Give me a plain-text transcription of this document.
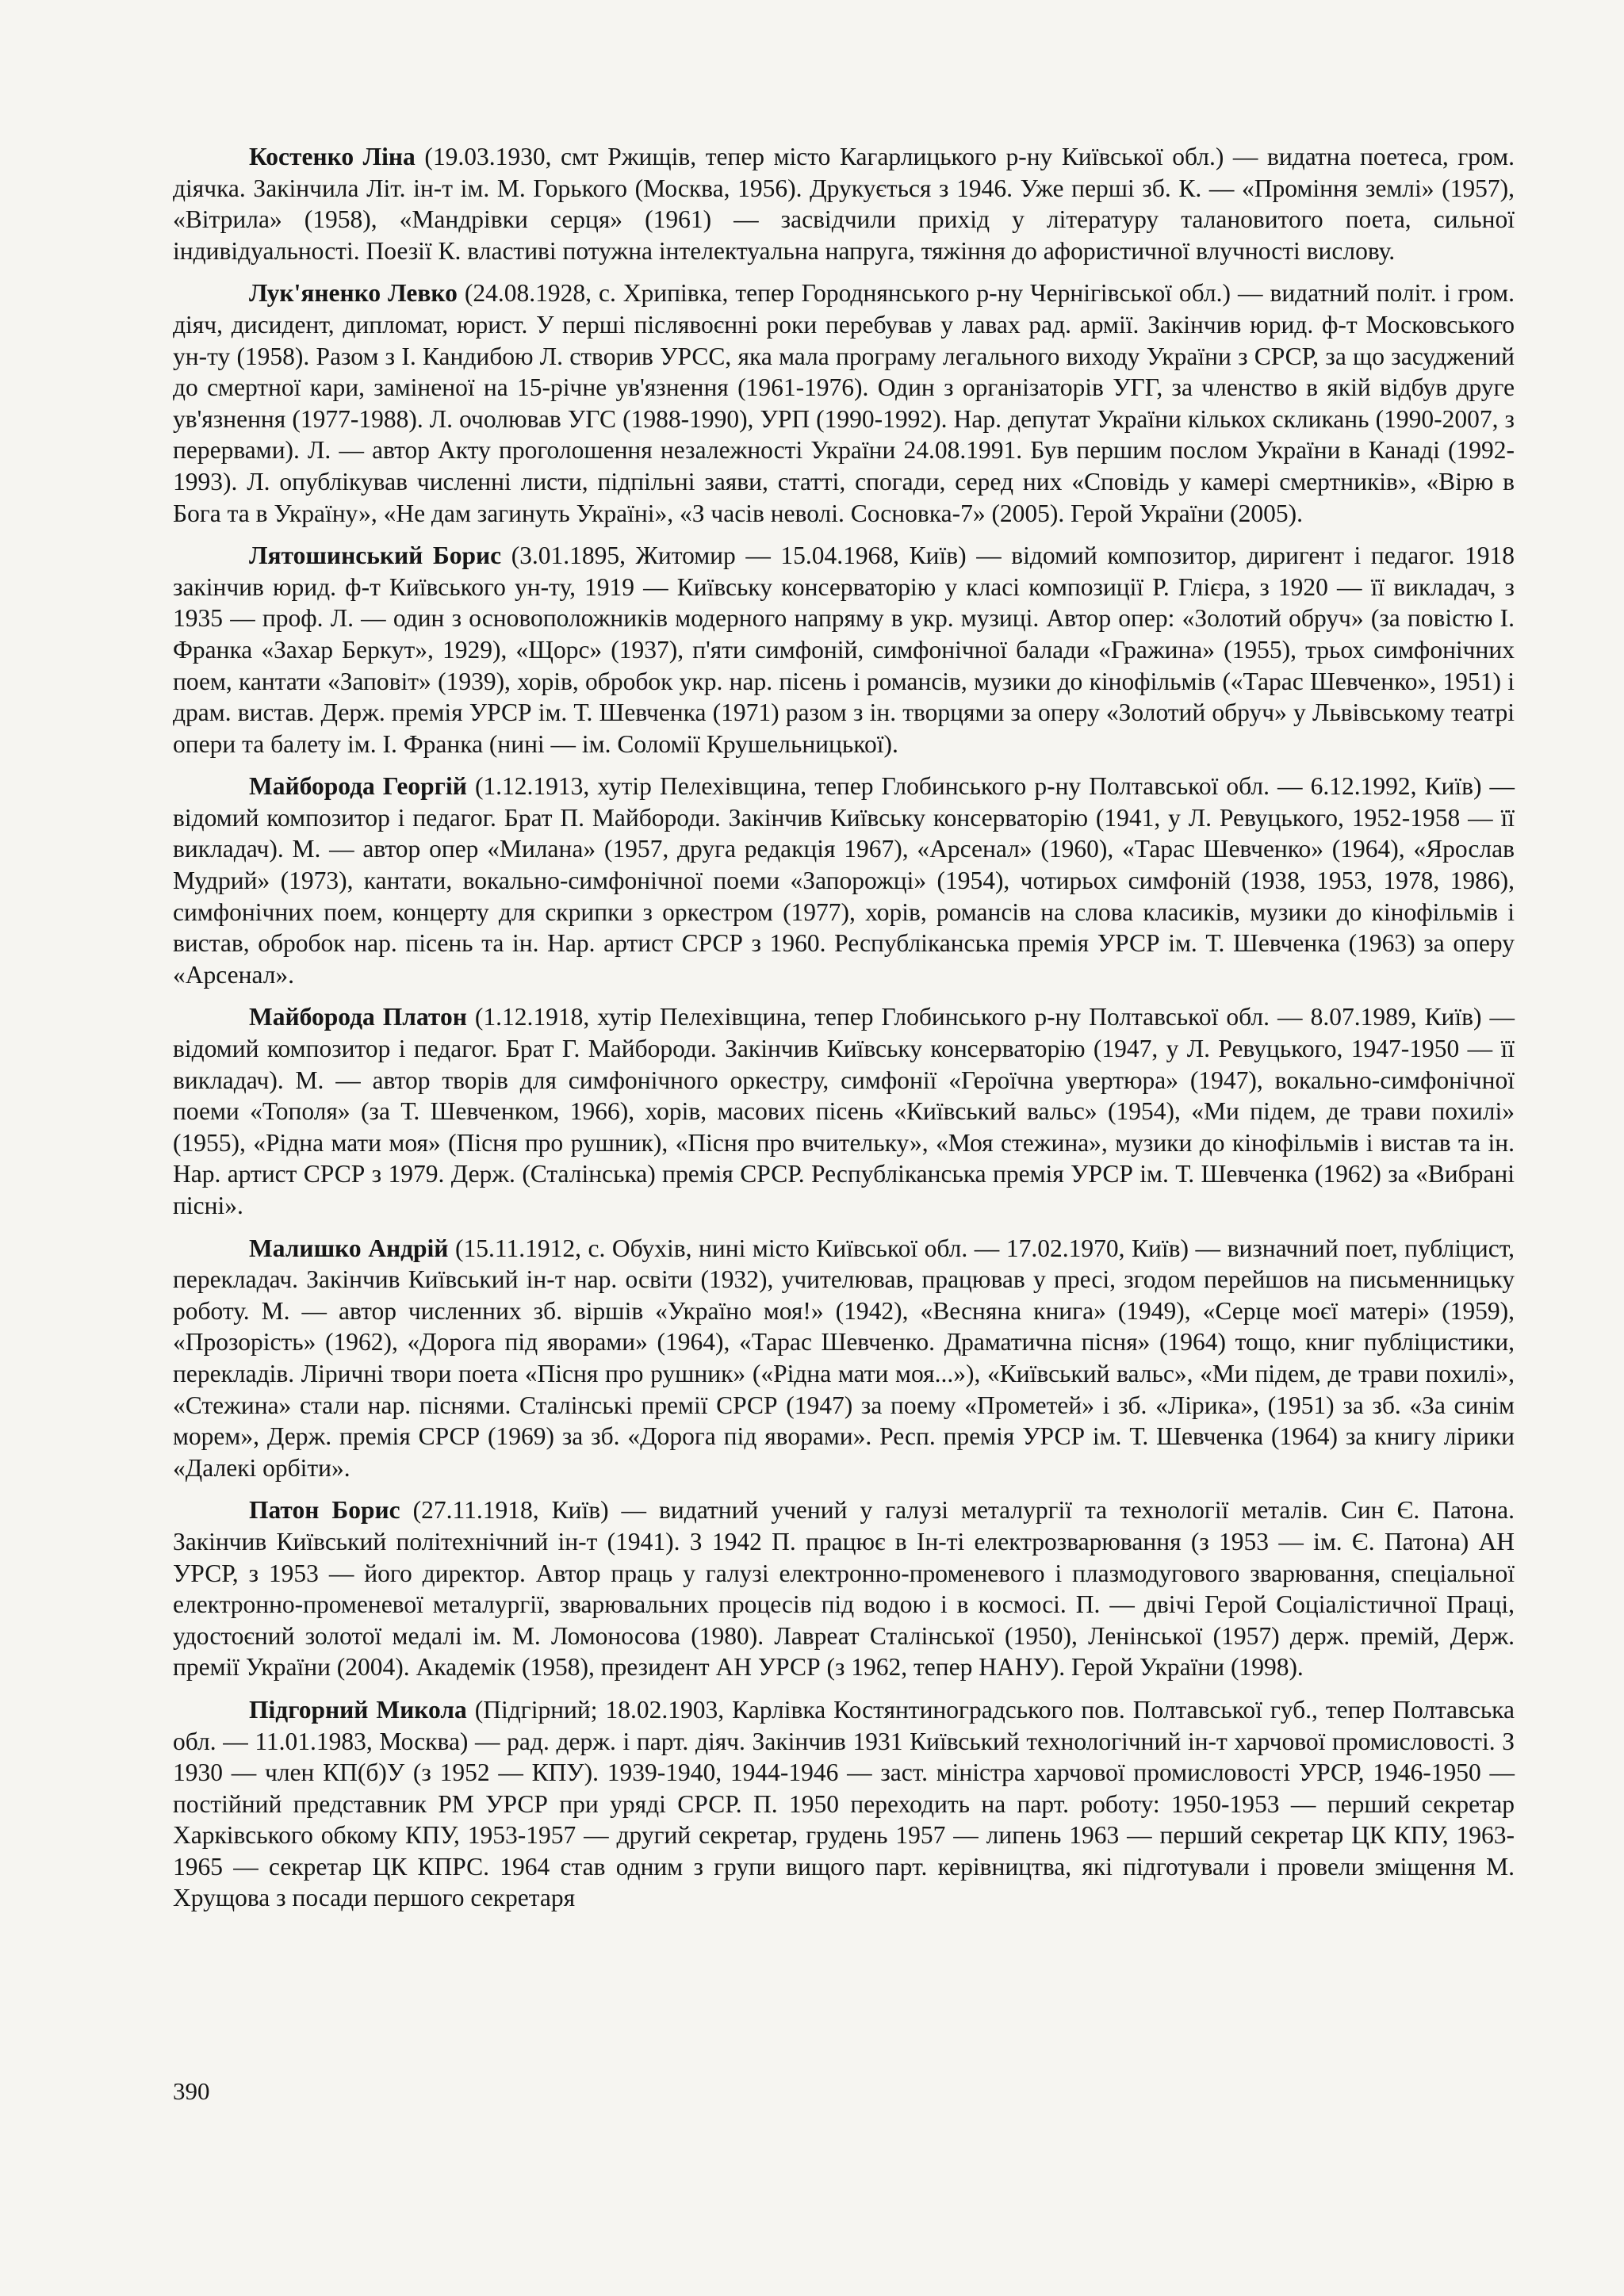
Костенко Ліна (19.03.1930, смт Ржищів, тепер місто Кагарлицького р-ну Київської обл.) — видатна поетеса, гром. діячка. Закінчила Літ. ін-т ім. М. Горького (Москва, 1956). Друкується з 1946. Уже перші зб. К. — «Проміння землі» (1957), «Вітрила» (1958), «Мандрівки серця» (1961) — засвідчили прихід у літературу талановитого поета, сильної індивідуальності. Поезії К. властиві потужна інтелектуальна напруга, тяжіння до афористичної влучності вислову.

Лук'яненко Левко (24.08.1928, с. Хрипівка, тепер Городнянського р-ну Чернігівської обл.) — видатний політ. і гром. діяч, дисидент, дипломат, юрист. У перші післявоєнні роки перебував у лавах рад. армії. Закінчив юрид. ф-т Московського ун-ту (1958). Разом з І. Кандибою Л. створив УРСС, яка мала програму легального виходу України з СРСР, за що засуджений до смертної кари, заміненої на 15-річне ув'язнення (1961-1976). Один з організаторів УГГ, за членство в якій відбув друге ув'язнення (1977-1988). Л. очолював УГС (1988-1990), УРП (1990-1992). Нар. депутат України кількох скликань (1990-2007, з перервами). Л. — автор Акту проголошення незалежності України 24.08.1991. Був першим послом України в Канаді (1992-1993). Л. опублікував численні листи, підпільні заяви, статті, спогади, серед них «Сповідь у камері смертників», «Вірю в Бога та в Україну», «Не дам загинуть Україні», «З часів неволі. Сосновка-7» (2005). Герой України (2005).

Лятошинський Борис (3.01.1895, Житомир — 15.04.1968, Київ) — відомий композитор, диригент і педагог. 1918 закінчив юрид. ф-т Київського ун-ту, 1919 — Київську консерваторію у класі композиції Р. Глієра, з 1920 — її викладач, з 1935 — проф. Л. — один з основоположників модерного напряму в укр. музиці. Автор опер: «Золотий обруч» (за повістю І. Франка «Захар Беркут», 1929), «Щорс» (1937), п'яти симфоній, симфонічної балади «Гражина» (1955), трьох симфонічних поем, кантати «Заповіт» (1939), хорів, обробок укр. нар. пісень і романсів, музики до кінофільмів («Тарас Шевченко», 1951) і драм. вистав. Держ. премія УРСР ім. Т. Шевченка (1971) разом з ін. творцями за оперу «Золотий обруч» у Львівському театрі опери та балету ім. І. Франка (нині — ім. Соломії Крушельницької).

Майборода Георгій (1.12.1913, хутір Пелехівщина, тепер Глобинського р-ну Полтавської обл. — 6.12.1992, Київ) — відомий композитор і педагог. Брат П. Майбороди. Закінчив Київську консерваторію (1941, у Л. Ревуцького, 1952-1958 — її викладач). М. — автор опер «Милана» (1957, друга редакція 1967), «Арсенал» (1960), «Тарас Шевченко» (1964), «Ярослав Мудрий» (1973), кантати, вокально-симфонічної поеми «Запорожці» (1954), чотирьох симфоній (1938, 1953, 1978, 1986), симфонічних поем, концерту для скрипки з оркестром (1977), хорів, романсів на слова класиків, музики до кінофільмів і вистав, обробок нар. пісень та ін. Нар. артист СРСР з 1960. Республіканська премія УРСР ім. Т. Шевченка (1963) за оперу «Арсенал».

Майборода Платон (1.12.1918, хутір Пелехівщина, тепер Глобинського р-ну Полтавської обл. — 8.07.1989, Київ) — відомий композитор і педагог. Брат Г. Майбороди. Закінчив Київську консерваторію (1947, у Л. Ревуцького, 1947-1950 — її викладач). М. — автор творів для симфонічного оркестру, симфонії «Героїчна увертюра» (1947), вокально-симфонічної поеми «Тополя» (за Т. Шевченком, 1966), хорів, масових пісень «Київський вальс» (1954), «Ми підем, де трави похилі» (1955), «Рідна мати моя» (Пісня про рушник), «Пісня про вчительку», «Моя стежина», музики до кінофільмів і вистав та ін. Нар. артист СРСР з 1979. Держ. (Сталінська) премія СРСР. Республіканська премія УРСР ім. Т. Шевченка (1962) за «Вибрані пісні».

Малишко Андрій (15.11.1912, с. Обухів, нині місто Київської обл. — 17.02.1970, Київ) — визначний поет, публіцист, перекладач. Закінчив Київський ін-т нар. освіти (1932), учителював, працював у пресі, згодом перейшов на письменницьку роботу. М. — автор численних зб. віршів «Україно моя!» (1942), «Весняна книга» (1949), «Серце моєї матері» (1959), «Прозорість» (1962), «Дорога під яворами» (1964), «Тарас Шевченко. Драматична пісня» (1964) тощо, книг публіцистики, перекладів. Ліричні твори поета «Пісня про рушник» («Рідна мати моя...»), «Київський вальс», «Ми підем, де трави похилі», «Стежина» стали нар. піснями. Сталінські премії СРСР (1947) за поему «Прометей» і зб. «Лірика», (1951) за зб. «За синім морем», Держ. премія СРСР (1969) за зб. «Дорога під яворами». Респ. премія УРСР ім. Т. Шевченка (1964) за книгу лірики «Далекі орбіти».

Патон Борис (27.11.1918, Київ) — видатний учений у галузі металургії та технології металів. Син Є. Патона. Закінчив Київський політехнічний ін-т (1941). З 1942 П. працює в Ін-ті електрозварювання (з 1953 — ім. Є. Патона) АН УРСР, з 1953 — його директор. Автор праць у галузі електронно-променевого і плазмодугового зварювання, спеціальної електронно-променевої металургії, зварювальних процесів під водою і в космосі. П. — двічі Герой Соціалістичної Праці, удостоєний золотої медалі ім. М. Ломоносова (1980). Лавреат Сталінської (1950), Ленінської (1957) держ. премій, Держ. премії України (2004). Академік (1958), президент АН УРСР (з 1962, тепер НАНУ). Герой України (1998).

Підгорний Микола (Підгірний; 18.02.1903, Карлівка Костянтиноградського пов. Полтавської губ., тепер Полтавська обл. — 11.01.1983, Москва) — рад. держ. і парт. діяч. Закінчив 1931 Київський технологічний ін-т харчової промисловості. З 1930 — член КП(б)У (з 1952 — КПУ). 1939-1940, 1944-1946 — заст. міністра харчової промисловості УРСР, 1946-1950 — постійний представник РМ УРСР при уряді СРСР. П. 1950 переходить на парт. роботу: 1950-1953 — перший секретар Харківського обкому КПУ, 1953-1957 — другий секретар, грудень 1957 — липень 1963 — перший секретар ЦК КПУ, 1963-1965 — секретар ЦК КПРС. 1964 став одним з групи вищого парт. керівництва, які підготували і провели зміщення М. Хрущова з посади першого секретаря

390
